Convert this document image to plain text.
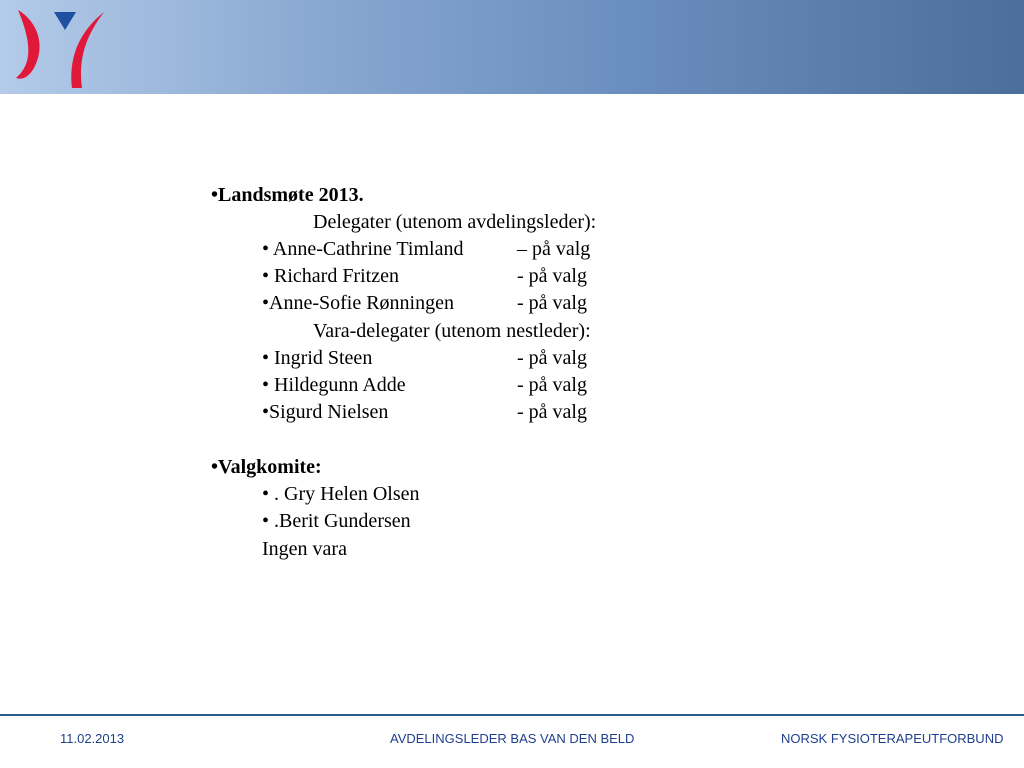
•Landsmøte 2013.
Delegater (utenom avdelingsleder):
• Anne-Cathrine Timland	– på valg
• Richard Fritzen	- på valg
•Anne-Sofie Rønningen	- på valg
Vara-delegater (utenom nestleder):
• Ingrid Steen	- på valg
• Hildegunn Adde	- på valg
•Sigurd Nielsen	- på valg
•Valgkomite:
• . Gry Helen Olsen
• .Berit Gundersen
Ingen vara
11.02.2013	AVDELINGSLEDER BAS VAN DEN BELD	NORSK FYSIOTERAPEUTFORBUND
